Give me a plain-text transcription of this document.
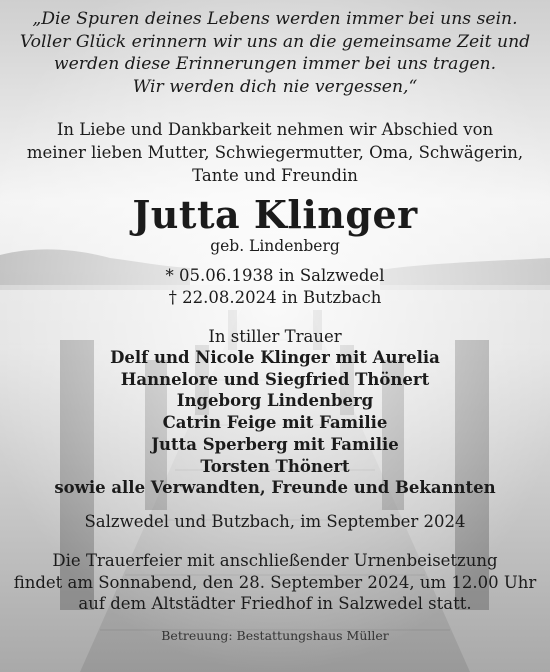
„Die Spuren deines Lebens werden immer bei uns sein.
Voller Glück erinnern wir uns an die gemeinsame Zeit und
werden diese Erinnerungen immer bei uns tragen.
Wir werden dich nie vergessen,“
In Liebe und Dankbarkeit nehmen wir Abschied von
meiner lieben Mutter, Schwiegermutter, Oma, Schwägerin,
Tante und Freundin
Jutta Klinger
geb. Lindenberg
* 05.06.1938 in Salzwedel
† 22.08.2024 in Butzbach
In stiller Trauer
Delf und Nicole Klinger mit Aurelia
Hannelore und Siegfried Thönert
Ingeborg Lindenberg
Catrin Feige mit Familie
Jutta Sperberg mit Familie
Torsten Thönert
sowie alle Verwandten, Freunde und Bekannten
Salzwedel und Butzbach, im September 2024
Die Trauerfeier mit anschließender Urnenbeisetzung
findet am Sonnabend, den 28. September 2024, um 12.00 Uhr
auf dem Altstädter Friedhof in Salzwedel statt.
Betreuung: Bestattungshaus Müller
